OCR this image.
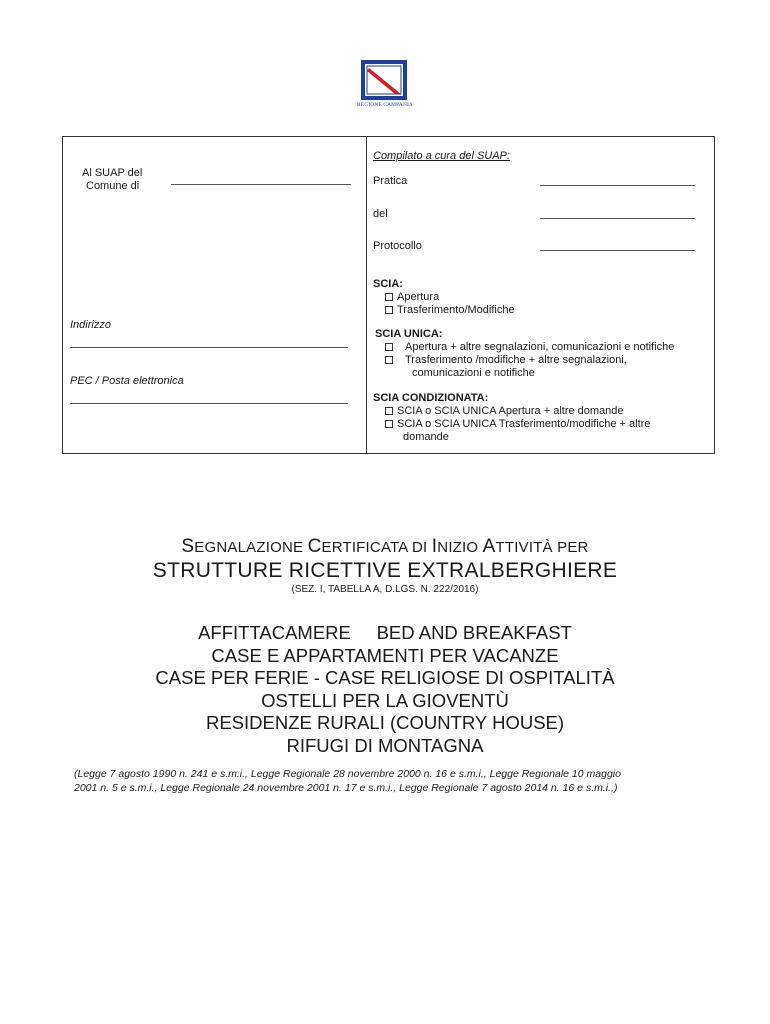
REGIONE CAMPANIA
Al SUAP del
Comune di
Indirizzo
PEC / Posta elettronica
Compilato a cura del SUAP:
Pratica
del
Protocollo
SCIA:
Apertura
Trasferimento/Modifiche
SCIA UNICA:
Apertura + altre segnalazioni, comunicazioni e notifiche
Trasferimento /modifiche + altre segnalazioni,
comunicazioni e notifiche
SCIA CONDIZIONATA:
SCIA o SCIA UNICA Apertura + altre domande
SCIA o SCIA UNICA Trasferimento/modifiche + altre
domande
SEGNALAZIONE CERTIFICATA DI INIZIO ATTIVITÀ PER
STRUTTURE RICETTIVE EXTRALBERGHIERE
(SEZ. I, TABELLA A, D.LGS. N. 222/2016)
AFFITTACAMERE     BED AND BREAKFAST
CASE E APPARTAMENTI PER VACANZE
CASE PER FERIE - CASE RELIGIOSE DI OSPITALITÀ
OSTELLI PER LA GIOVENTÙ
RESIDENZE RURALI (COUNTRY HOUSE)
RIFUGI DI MONTAGNA
(Legge 7 agosto 1990 n. 241 e s.m.i., Legge Regionale 28 novembre 2000 n. 16 e s.m.i,, Legge Regionale 10 maggio
2001 n. 5 e s.m.i., Legge Regionale 24 novembre 2001 n. 17 e s.m.i., Legge Regionale 7 agosto 2014 n. 16 e s.m.i.,)
